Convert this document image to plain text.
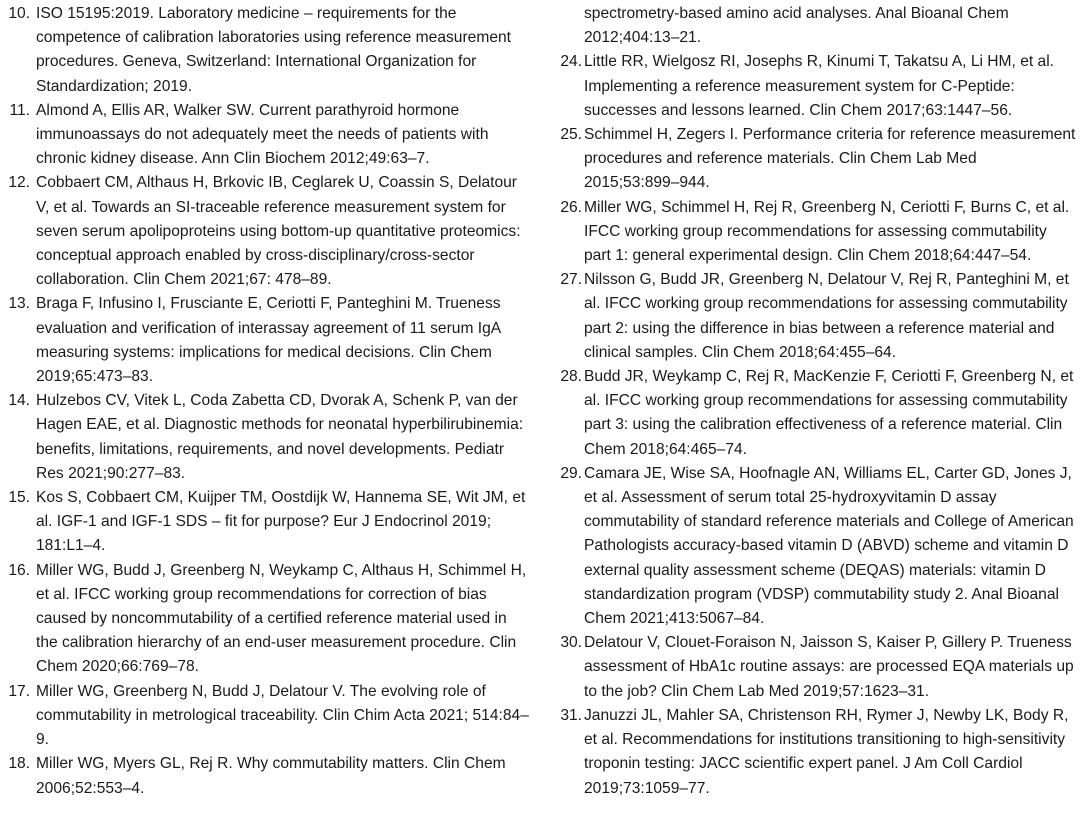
10. ISO 15195:2019. Laboratory medicine – requirements for the competence of calibration laboratories using reference measurement procedures. Geneva, Switzerland: International Organization for Standardization; 2019.
11. Almond A, Ellis AR, Walker SW. Current parathyroid hormone immunoassays do not adequately meet the needs of patients with chronic kidney disease. Ann Clin Biochem 2012;49:63–7.
12. Cobbaert CM, Althaus H, Brkovic IB, Ceglarek U, Coassin S, Delatour V, et al. Towards an SI-traceable reference measurement system for seven serum apolipoproteins using bottom-up quantitative proteomics: conceptual approach enabled by cross-disciplinary/cross-sector collaboration. Clin Chem 2021;67: 478–89.
13. Braga F, Infusino I, Frusciante E, Ceriotti F, Panteghini M. Trueness evaluation and verification of interassay agreement of 11 serum IgA measuring systems: implications for medical decisions. Clin Chem 2019;65:473–83.
14. Hulzebos CV, Vitek L, Coda Zabetta CD, Dvorak A, Schenk P, van der Hagen EAE, et al. Diagnostic methods for neonatal hyperbilirubinemia: benefits, limitations, requirements, and novel developments. Pediatr Res 2021;90:277–83.
15. Kos S, Cobbaert CM, Kuijper TM, Oostdijk W, Hannema SE, Wit JM, et al. IGF-1 and IGF-1 SDS – fit for purpose? Eur J Endocrinol 2019; 181:L1–4.
16. Miller WG, Budd J, Greenberg N, Weykamp C, Althaus H, Schimmel H, et al. IFCC working group recommendations for correction of bias caused by noncommutability of a certified reference material used in the calibration hierarchy of an end-user measurement procedure. Clin Chem 2020;66:769–78.
17. Miller WG, Greenberg N, Budd J, Delatour V. The evolving role of commutability in metrological traceability. Clin Chim Acta 2021; 514:84–9.
18. Miller WG, Myers GL, Rej R. Why commutability matters. Clin Chem 2006;52:553–4.
spectrometry-based amino acid analyses. Anal Bioanal Chem 2012;404:13–21.
24. Little RR, Wielgosz RI, Josephs R, Kinumi T, Takatsu A, Li HM, et al. Implementing a reference measurement system for C-Peptide: successes and lessons learned. Clin Chem 2017;63:1447–56.
25. Schimmel H, Zegers I. Performance criteria for reference measurement procedures and reference materials. Clin Chem Lab Med 2015;53:899–944.
26. Miller WG, Schimmel H, Rej R, Greenberg N, Ceriotti F, Burns C, et al. IFCC working group recommendations for assessing commutability part 1: general experimental design. Clin Chem 2018;64:447–54.
27. Nilsson G, Budd JR, Greenberg N, Delatour V, Rej R, Panteghini M, et al. IFCC working group recommendations for assessing commutability part 2: using the difference in bias between a reference material and clinical samples. Clin Chem 2018;64:455–64.
28. Budd JR, Weykamp C, Rej R, MacKenzie F, Ceriotti F, Greenberg N, et al. IFCC working group recommendations for assessing commutability part 3: using the calibration effectiveness of a reference material. Clin Chem 2018;64:465–74.
29. Camara JE, Wise SA, Hoofnagle AN, Williams EL, Carter GD, Jones J, et al. Assessment of serum total 25-hydroxyvitamin D assay commutability of standard reference materials and College of American Pathologists accuracy-based vitamin D (ABVD) scheme and vitamin D external quality assessment scheme (DEQAS) materials: vitamin D standardization program (VDSP) commutability study 2. Anal Bioanal Chem 2021;413:5067–84.
30. Delatour V, Clouet-Foraison N, Jaisson S, Kaiser P, Gillery P. Trueness assessment of HbA1c routine assays: are processed EQA materials up to the job? Clin Chem Lab Med 2019;57:1623–31.
31. Januzzi JL, Mahler SA, Christenson RH, Rymer J, Newby LK, Body R, et al. Recommendations for institutions transitioning to high-sensitivity troponin testing: JACC scientific expert panel. J Am Coll Cardiol 2019;73:1059–77.
